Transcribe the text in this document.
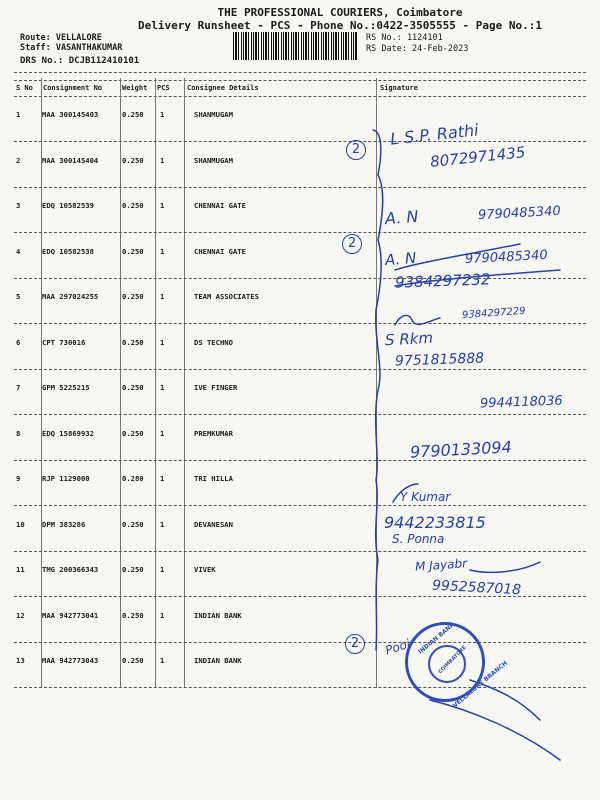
THE PROFESSIONAL COURIERS, Coimbatore
Delivery Runsheet - PCS - Phone No.:0422-3505555 - Page No.:1
Route: VELLALORE
Staff: VASANTHAKUMAR
DRS No.: DCJB112410101
RS No.: 1124101
RS Date: 24-Feb-2023
S No Consignment No	Weight PCS Consignee Details	Signature
1	MAA 300145403	0.250 1	SHANMUGAM
2	MAA 300145404	0.250 1	SHANMUGAM
3	EDQ 10582539	0.250 1	CHENNAI GATE
4	EDQ 10582538	0.250 1	CHENNAI GATE
5	MAA 297024255	0.250 1	TEAM ASSOCIATES
6	CPT 730016	0.250 1	DS TECHNO
7	GPM 5225215	0.250 1	IVE FINGER
8	EDQ 15869932	0.250 1	PREMKUMAR
9	RJP 1129000	0.280 1	TRI HILLA
10 DPM 383286	0.250 1	DEVANESAN
11 TMG 200366343	0.250 1	VIVEK
12 MAA 942773041	0.250 1	INDIAN BANK
13 MAA 942773043	0.250 1	INDIAN BANK
L S.P. Rathi
8072971435
A. N	9790485340
A. N	9790485340
9384297232
9384297229
S Rkm
9751815888
9944118036
9790133094
Y Kumar
9442233815
S. Ponna
M Jayabr
9952587018
Pooj
2
2
2	INDIAN BANK
VELLALURE BRANCH
COIMBATORE
